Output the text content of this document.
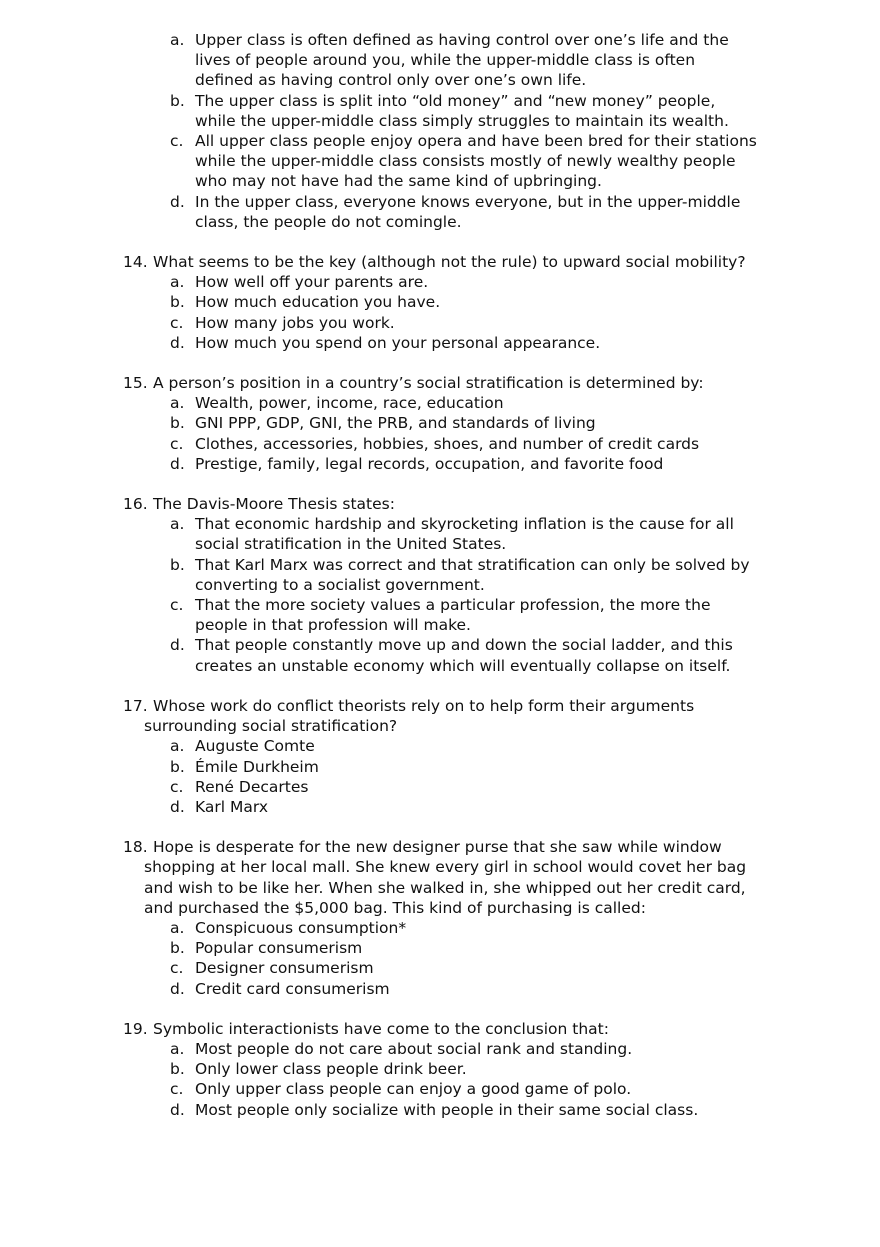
a. Upper class is often defined as having control over one’s life and the
lives of people around you, while the upper-middle class is often
defined as having control only over one’s own life.
b. The upper class is split into “old money” and “new money” people,
while the upper-middle class simply struggles to maintain its wealth.
c. All upper class people enjoy opera and have been bred for their stations
while the upper-middle class consists mostly of newly wealthy people
who may not have had the same kind of upbringing.
d. In the upper class, everyone knows everyone, but in the upper-middle
class, the people do not comingle.
14. What seems to be the key (although not the rule) to upward social mobility?
a. How well off your parents are.
b. How much education you have.
c. How many jobs you work.
d. How much you spend on your personal appearance.
15. A person’s position in a country’s social stratification is determined by:
a. Wealth, power, income, race, education
b. GNI PPP, GDP, GNI, the PRB, and standards of living
c. Clothes, accessories, hobbies, shoes, and number of credit cards
d. Prestige, family, legal records, occupation, and favorite food
16. The Davis-Moore Thesis states:
a. That economic hardship and skyrocketing inflation is the cause for all
social stratification in the United States.
b. That Karl Marx was correct and that stratification can only be solved by
converting to a socialist government.
c. That the more society values a particular profession, the more the
people in that profession will make.
d. That people constantly move up and down the social ladder, and this
creates an unstable economy which will eventually collapse on itself.
17. Whose work do conflict theorists rely on to help form their arguments
surrounding social stratification?
a. Auguste Comte
b. Émile Durkheim
c. René Decartes
d. Karl Marx
18. Hope is desperate for the new designer purse that she saw while window
shopping at her local mall. She knew every girl in school would covet her bag
and wish to be like her. When she walked in, she whipped out her credit card,
and purchased the $5,000 bag. This kind of purchasing is called:
a. Conspicuous consumption*
b. Popular consumerism
c. Designer consumerism
d. Credit card consumerism
19. Symbolic interactionists have come to the conclusion that:
a. Most people do not care about social rank and standing.
b. Only lower class people drink beer.
c. Only upper class people can enjoy a good game of polo.
d. Most people only socialize with people in their same social class.
